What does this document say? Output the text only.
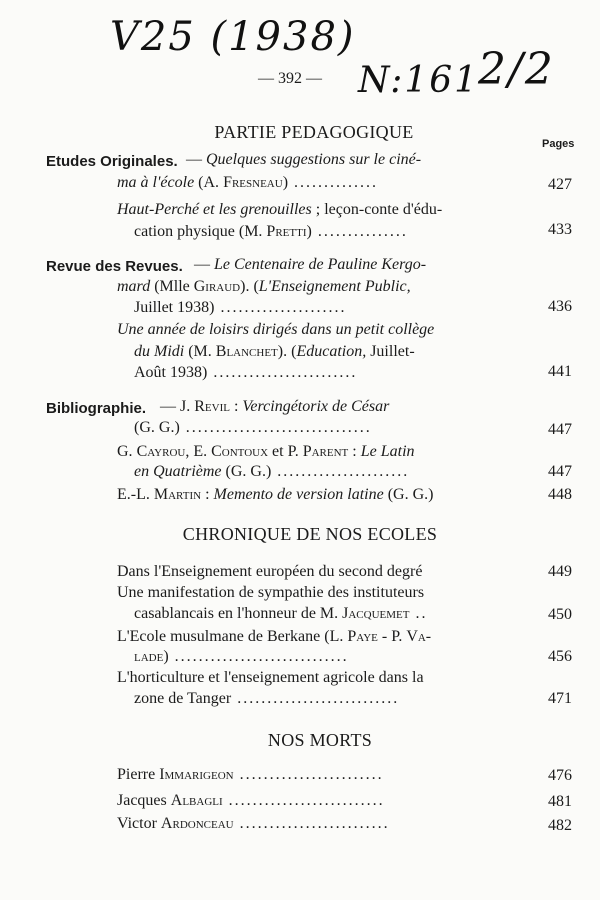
V25 (1938)
N:161
2/2
— 392 —
PARTIE PEDAGOGIQUE
Pages
Etudes Originales. — Quelques suggestions sur le ciné-
ma à l'école (A. Fresneau) ..............	427
Haut-Perché et les grenouilles ; leçon-conte d'édu-
cation physique (M. Pretti) ...............	433
Revue des Revues. — Le Centenaire de Pauline Kergo-
mard (Mlle Giraud). (L'Enseignement Public,
Juillet 1938) .....................	436
Une année de loisirs dirigés dans un petit collège
du Midi (M. Blanchet). (Education, Juillet-
Août 1938) ........................	441
Bibliographie. — J. Revil : Vercingétorix de César
(G. G.) ...............................	447
G. Cayrou, E. Contoux et P. Parent : Le Latin
en Quatrième (G. G.) ......................	447
E.-L. Martin : Memento de version latine (G. G.)	448
CHRONIQUE DE NOS ECOLES
Dans l'Enseignement européen du second degré	449
Une manifestation de sympathie des instituteurs
casablancais en l'honneur de M. Jacquemet ..	450
L'Ecole musulmane de Berkane (L. Paye - P. Va-
lade) .............................	456
L'horticulture et l'enseignement agricole dans la
zone de Tanger ...........................	471
NOS MORTS
Pierre Immarigeon ........................	476
Jacques Albagli ..........................	481
Victor Ardonceau .........................	482
